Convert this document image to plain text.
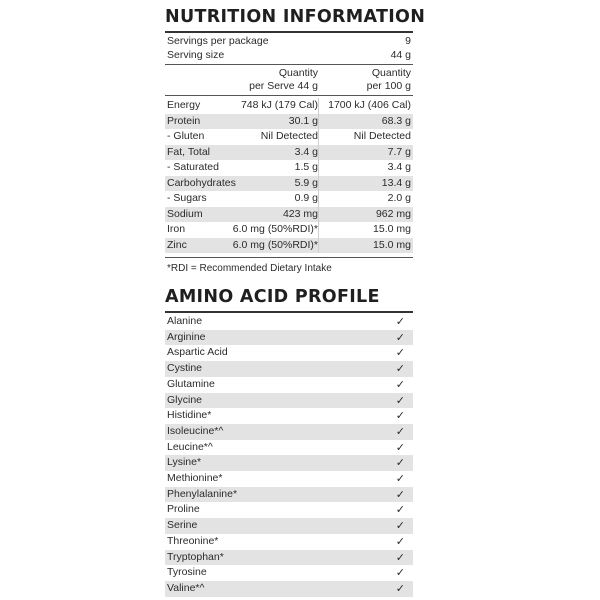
NUTRITION INFORMATION
Servings per package	9
Serving size	44 g
Quantity
per Serve 44 g
Quantity
per 100 g
Energy	748 kJ (179 Cal) 1700 kJ (406 Cal)
Protein	30.1 g	68.3 g
- Gluten	Nil Detected	Nil Detected
Fat, Total	3.4 g	7.7 g
- Saturated	1.5 g	3.4 g
Carbohydrates	5.9 g	13.4 g
- Sugars	0.9 g	2.0 g
Sodium	423 mg	962 mg
Iron	6.0 mg (50%RDI)*	15.0 mg
Zinc	6.0 mg (50%RDI)*	15.0 mg
*RDI = Recommended Dietary Intake
AMINO ACID PROFILE
Alanine	✓
Arginine	✓
Aspartic Acid	✓
Cystine	✓
Glutamine	✓
Glycine	✓
Histidine*	✓
Isoleucine*^	✓
Leucine*^	✓
Lysine*	✓
Methionine*	✓
Phenylalanine*	✓
Proline	✓
Serine	✓
Threonine*	✓
Tryptophan*	✓
Tyrosine	✓
Valine*^	✓
